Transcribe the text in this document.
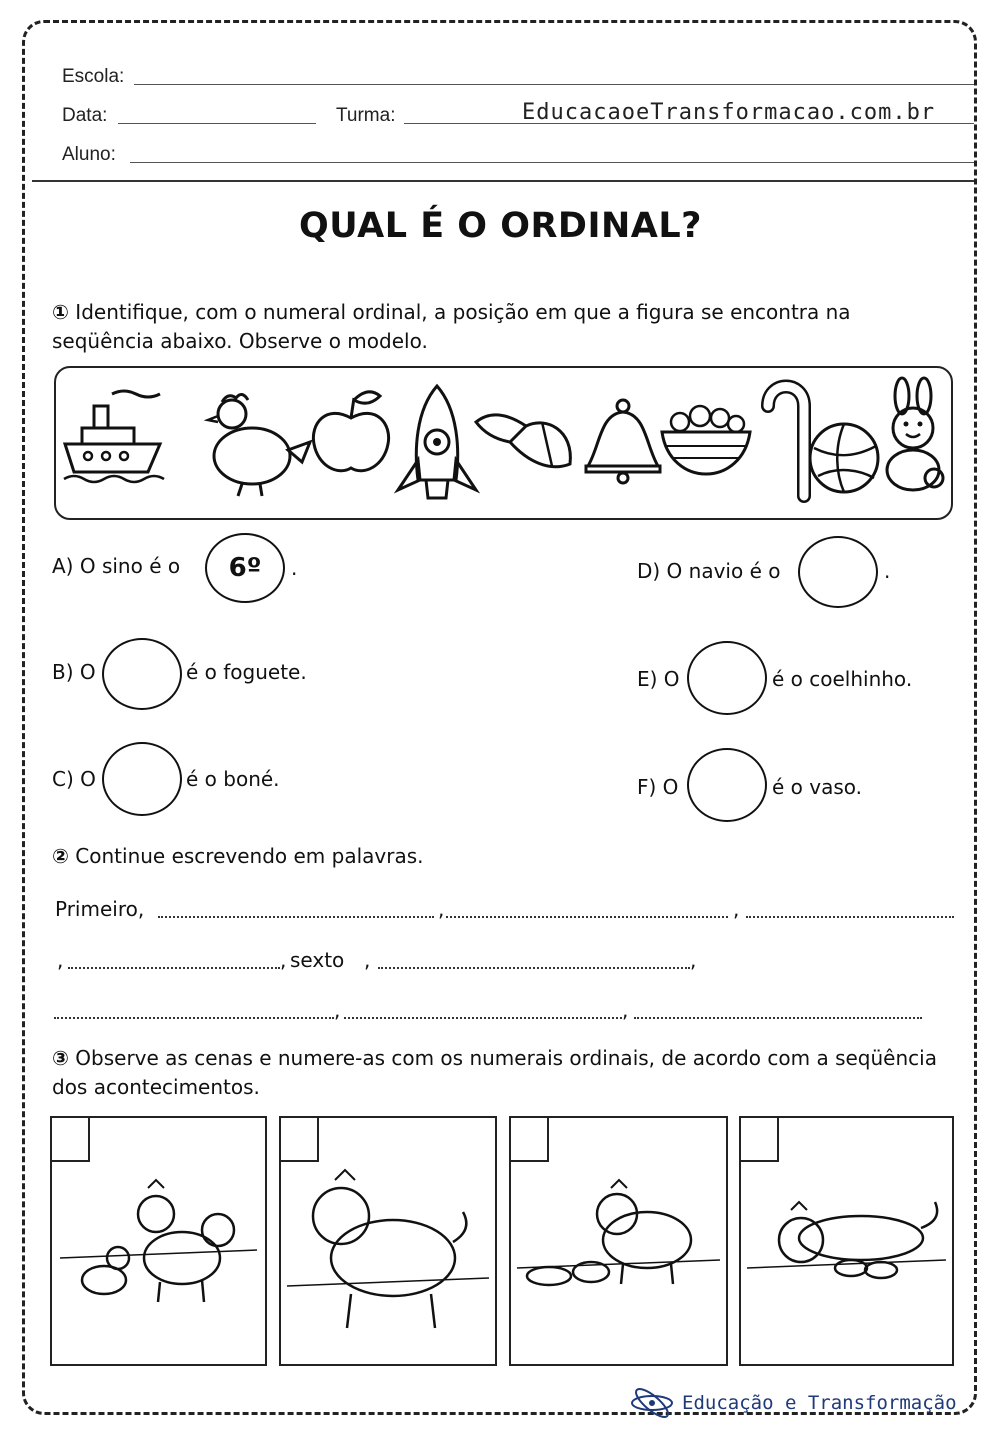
Escola:
Data:	Turma:	EducacaoeTransformacao.com.br
Aluno:
QUAL É O ORDINAL?
① Identifique, com o numeral ordinal, a posição em que a figura se encontra na seqüência abaixo. Observe o modelo.
A) O sino é o 6º .
B) O	é o foguete.
C) O	é o boné.
D) O navio é o	.
E) O	é o coelhinho.
F) O	é o vaso.
② Continue escrevendo em palavras.
Primeiro,	,	,
,	, sexto ,	,
,	,
③ Observe as cenas e numere-as com os numerais ordinais, de acordo com a seqüência dos acontecimentos.
Educação e Transformação
